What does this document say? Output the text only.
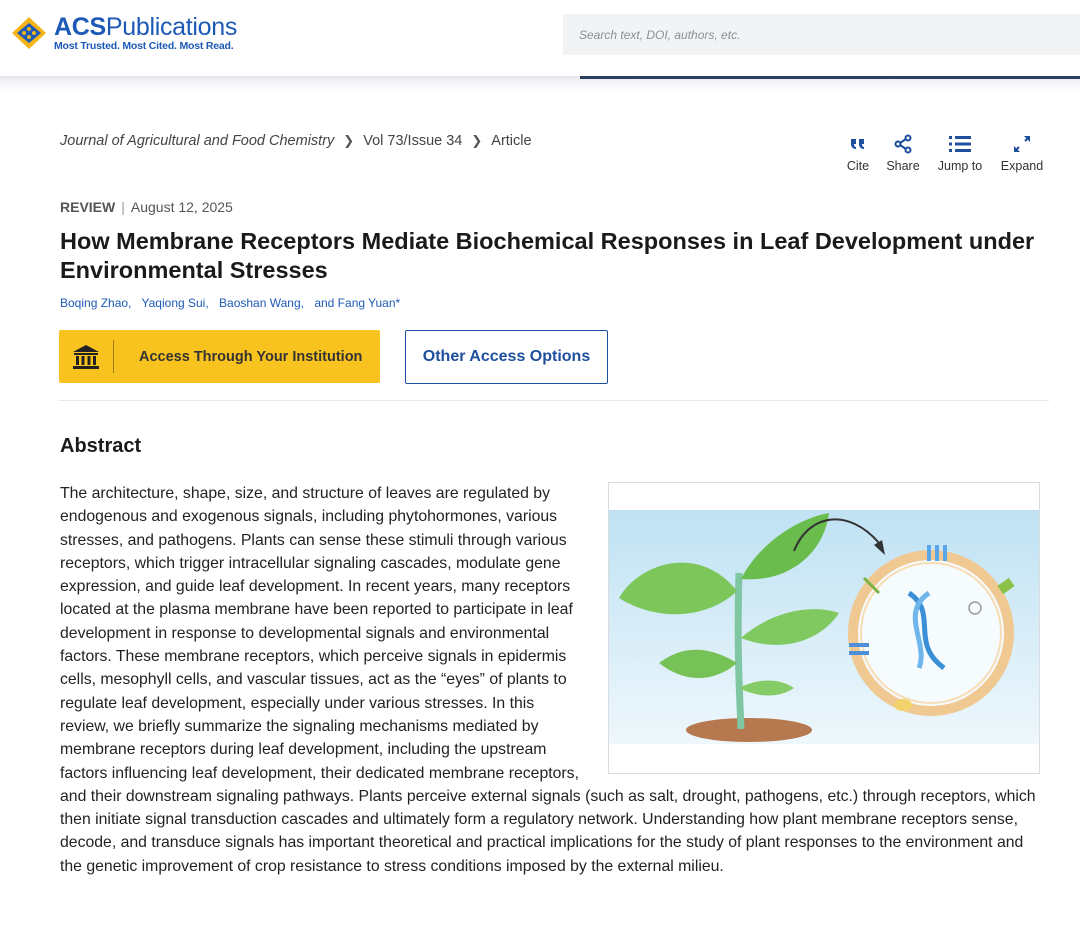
ACSPublications
Most Trusted. Most Cited. Most Read.
Search text, DOI, authors, etc.
Journal of Agricultural and Food Chemistry ❯ Vol 73/Issue 34 ❯ Article
Cite Share Jump to Expand
REVIEW | August 12, 2025
How Membrane Receptors Mediate Biochemical Responses in Leaf Development under Environmental Stresses
Boqing Zhao, Yaqiong Sui, Baoshan Wang, and Fang Yuan*
Access Through Your Institution	Other Access Options
Abstract
The architecture, shape, size, and structure of leaves are regulated by endogenous and exogenous signals, including phytohormones, various stresses, and pathogens. Plants can sense these stimuli through various receptors, which trigger intracellular signaling cascades, modulate gene expression, and guide leaf development. In recent years, many receptors located at the plasma membrane have been reported to participate in leaf development in response to developmental signals and environmental factors. These membrane receptors, which perceive signals in epidermis cells, mesophyll cells, and vascular tissues, act as the “eyes” of plants to regulate leaf development, especially under various stresses. In this review, we briefly summarize the signaling mechanisms mediated by membrane receptors during leaf development, including the upstream factors influencing leaf development, their dedicated membrane receptors, and their downstream signaling pathways. Plants perceive external signals (such as salt, drought, pathogens, etc.) through receptors, which then initiate signal transduction cascades and ultimately form a regulatory network. Understanding how plant membrane receptors sense, decode, and transduce signals has important theoretical and practical implications for the study of plant responses to the environment and the genetic improvement of crop resistance to stress conditions imposed by the external milieu.
